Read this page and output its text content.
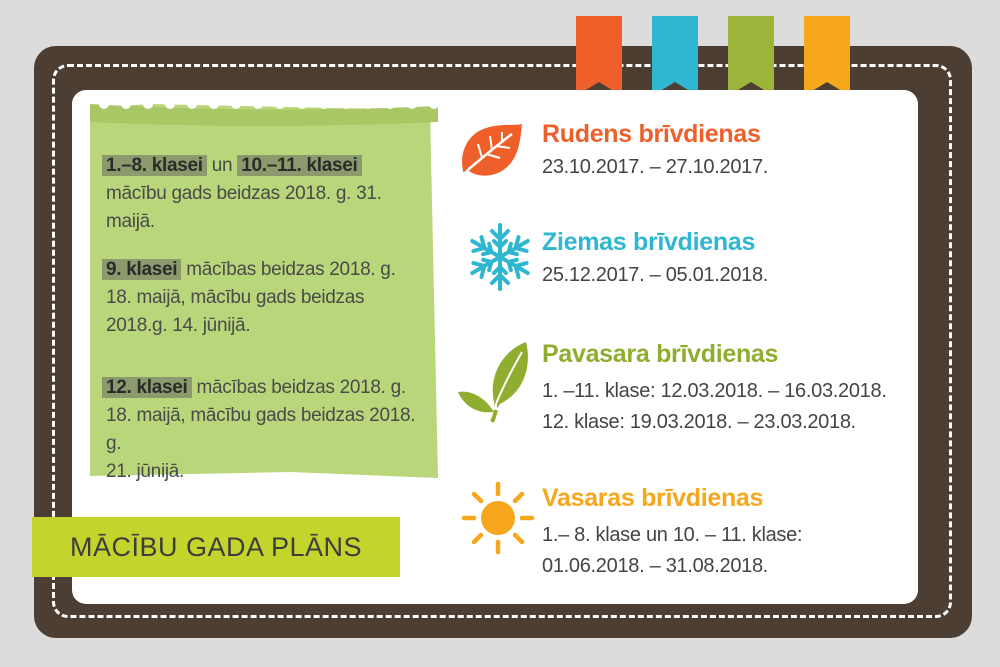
1.–8. klasei un 10.–11. klasei
mācību gads beidzas 2018. g. 31. maijā.

9. klasei mācības beidzas 2018. g.
18. maijā, mācību gads beidzas
2018.g. 14. jūnijā.

12. klasei mācības beidzas 2018. g.
18. maijā, mācību gads beidzas 2018. g.
21. jūnijā.

MĀCĪBU GADA PLĀNS
Rudens brīvdienas
23.10.2017. – 27.10.2017.
Ziemas brīvdienas
25.12.2017. – 05.01.2018.
Pavasara brīvdienas
1. –11. klase: 12.03.2018. – 16.03.2018.
12. klase: 19.03.2018. – 23.03.2018.
Vasaras brīvdienas
1.– 8. klase un 10. – 11. klase:
01.06.2018. – 31.08.2018.
